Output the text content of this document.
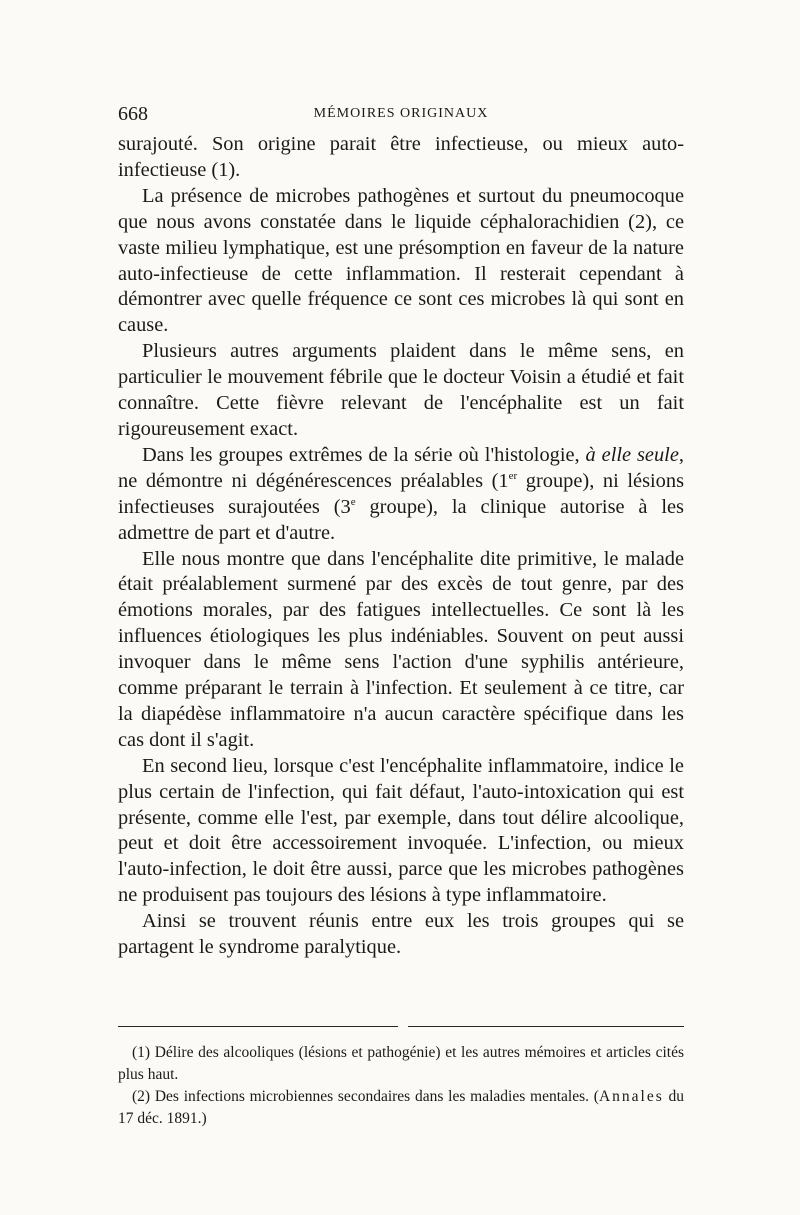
668	MÉMOIRES ORIGINAUX

surajouté. Son origine parait être infectieuse, ou mieux auto-infectieuse (1).

La présence de microbes pathogènes et surtout du pneumocoque que nous avons constatée dans le liquide céphalorachidien (2), ce vaste milieu lymphatique, est une présomption en faveur de la nature auto-infectieuse de cette inflammation. Il resterait cependant à démontrer avec quelle fréquence ce sont ces microbes là qui sont en cause.

Plusieurs autres arguments plaident dans le même sens, en particulier le mouvement fébrile que le docteur Voisin a étudié et fait connaître. Cette fièvre relevant de l'encéphalite est un fait rigoureusement exact.

Dans les groupes extrêmes de la série où l'histologie, à elle seule, ne démontre ni dégénérescences préalables (1er groupe), ni lésions infectieuses surajoutées (3e groupe), la clinique autorise à les admettre de part et d'autre.

Elle nous montre que dans l'encéphalite dite primitive, le malade était préalablement surmené par des excès de tout genre, par des émotions morales, par des fatigues intellectuelles. Ce sont là les influences étiologiques les plus indéniables. Souvent on peut aussi invoquer dans le même sens l'action d'une syphilis antérieure, comme préparant le terrain à l'infection. Et seulement à ce titre, car la diapédèse inflammatoire n'a aucun caractère spécifique dans les cas dont il s'agit.

En second lieu, lorsque c'est l'encéphalite inflammatoire, indice le plus certain de l'infection, qui fait défaut, l'auto-intoxication qui est présente, comme elle l'est, par exemple, dans tout délire alcoolique, peut et doit être accessoirement invoquée. L'infection, ou mieux l'auto-infection, le doit être aussi, parce que les microbes pathogènes ne produisent pas toujours des lésions à type inflammatoire.

Ainsi se trouvent réunis entre eux les trois groupes qui se partagent le syndrome paralytique.

(1) Délire des alcooliques (lésions et pathogénie) et les autres mémoires et articles cités plus haut.

(2) Des infections microbiennes secondaires dans les maladies mentales. (Annales du 17 déc. 1891.)
